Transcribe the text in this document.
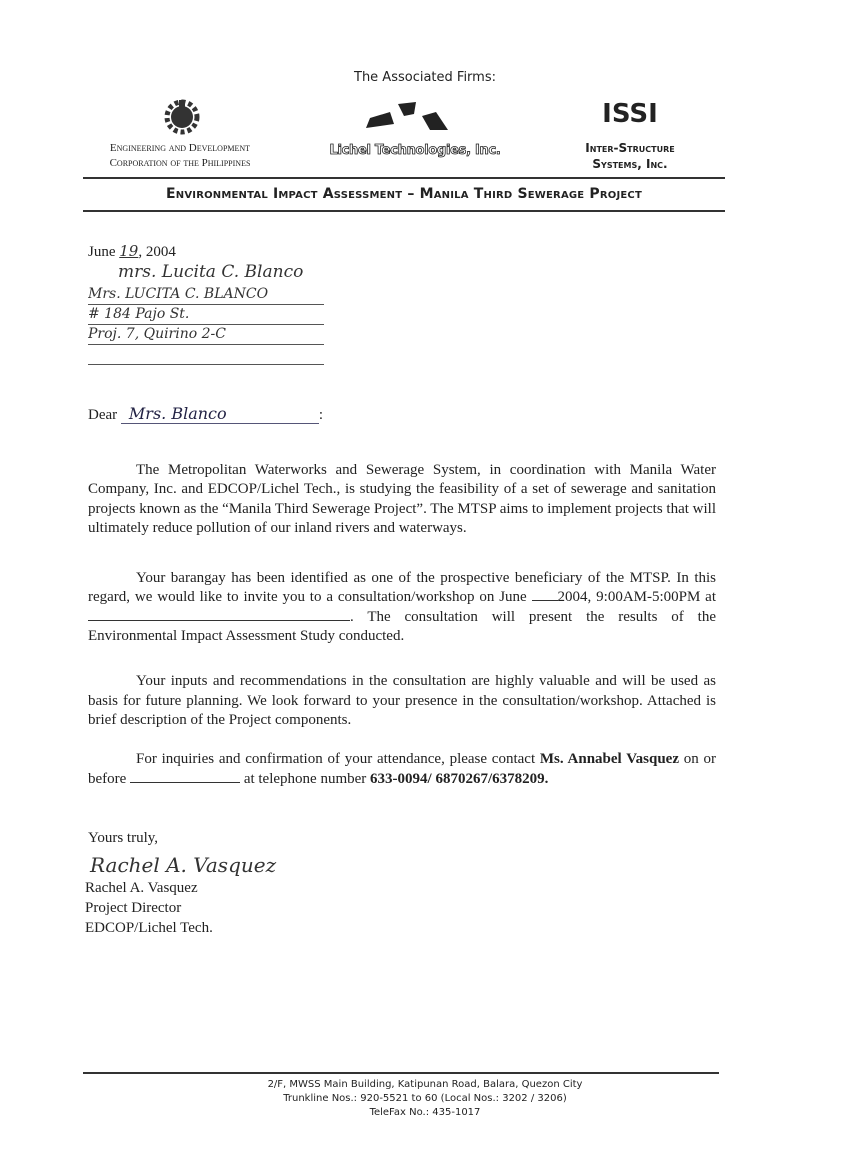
The Associated Firms:
Engineering and Development
Corporation of the Philippines
Lichel Technologies, Inc.
ISSI
Inter-Structure
Systems, Inc.
Environmental Impact Assessment – Manila Third Sewerage Project
June 19, 2004
mrs. Lucita C. Blanco
Mrs. LUCITA C. BLANCO
# 184 Pajo St.
Proj. 7, Quirino 2-C
Dear Mrs. Blanco	:

The Metropolitan Waterworks and Sewerage System, in coordination with Manila Water Company, Inc. and EDCOP/Lichel Tech., is studying the feasibility of a set of sewerage and sanitation projects known as the “Manila Third Sewerage Project”. The MTSP aims to implement projects that will ultimately reduce pollution of our inland rivers and waterways.

Your barangay has been identified as one of the prospective beneficiary of the MTSP. In this regard, we would like to invite you to a consultation/workshop on June 2004, 9:00AM-5:00PM at . The consultation will present the results of the Environmental Impact Assessment Study conducted.

Your inputs and recommendations in the consultation are highly valuable and will be used as basis for future planning. We look forward to your presence in the consultation/workshop. Attached is brief description of the Project components.

For inquiries and confirmation of your attendance, please contact Ms. Annabel Vasquez on or before	at telephone number 633-0094/ 6870267/6378209.

Yours truly,
Rachel A. Vasquez
Rachel A. Vasquez
Project Director
EDCOP/Lichel Tech.
2/F, MWSS Main Building, Katipunan Road, Balara, Quezon City
Trunkline Nos.: 920-5521 to 60 (Local Nos.: 3202 / 3206)
TeleFax No.: 435-1017
